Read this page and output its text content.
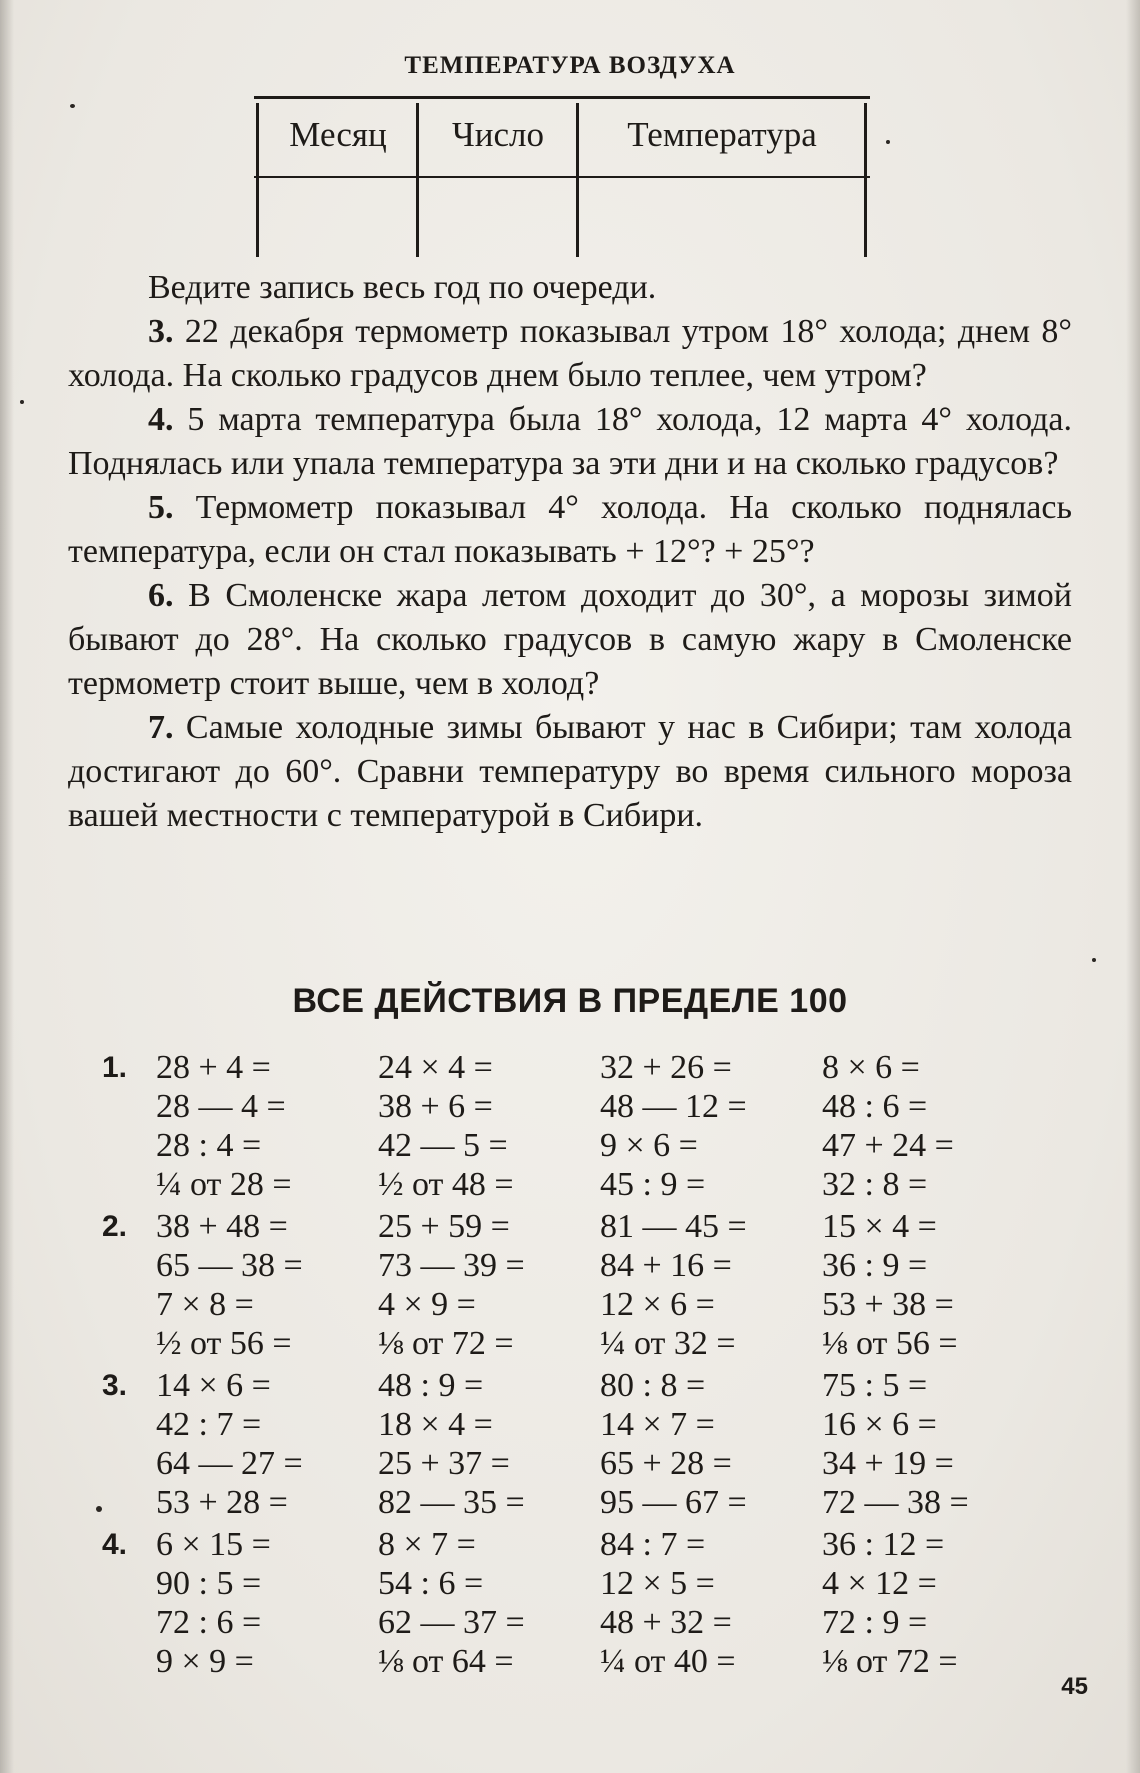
ТЕМПЕРАТУРА ВОЗДУХА
Месяц	Число	Температура

Ведите запись весь год по очереди.

3. 22 декабря термометр показывал утром 18° холода; днем 8° холода. На сколько градусов днем было теплее, чем утром?

4. 5 марта температура была 18° холода, 12 марта 4° холода. Поднялась или упала температура за эти дни и на сколько градусов?

5. Термометр показывал 4° холода. На сколько поднялась температура, если он стал показывать + 12°? + 25°?

6. В Смоленске жара летом доходит до 30°, а морозы зимой бывают до 28°. На сколько градусов в самую жару в Смоленске термометр стоит выше, чем в холод?

7. Самые холодные зимы бывают у нас в Сибири; там холода достигают до 60°. Сравни температуру во время сильного мороза вашей местности с температурой в Сибири.

ВСЕ ДЕЙСТВИЯ В ПРЕДЕЛЕ 100
1. 28 + 4 =	24 × 4 =	32 + 26 =	8 × 6 =
28 — 4 =	38 + 6 =	48 — 12 =	48 : 6 =
28 : 4 =	42 — 5 =	9 × 6 =	47 + 24 =
¼ от 28 =	½ от 48 =	45 : 9 =	32 : 8 =
2. 38 + 48 =	25 + 59 =	81 — 45 =	15 × 4 =
65 — 38 =	73 — 39 =	84 + 16 =	36 : 9 =
7 × 8 =	4 × 9 =	12 × 6 =	53 + 38 =
½ от 56 =	⅛ от 72 =	¼ от 32 =	⅛ от 56 =
3. 14 × 6 =	48 : 9 =	80 : 8 =	75 : 5 =
42 : 7 =	18 × 4 =	14 × 7 =	16 × 6 =
64 — 27 =	25 + 37 =	65 + 28 =	34 + 19 =
53 + 28 =	82 — 35 =	95 — 67 =	72 — 38 =
4. 6 × 15 =	8 × 7 =	84 : 7 =	36 : 12 =
90 : 5 =	54 : 6 =	12 × 5 =	4 × 12 =
72 : 6 =	62 — 37 =	48 + 32 =	72 : 9 =
9 × 9 =	⅛ от 64 =	¼ от 40 =	⅛ от 72 =
45
